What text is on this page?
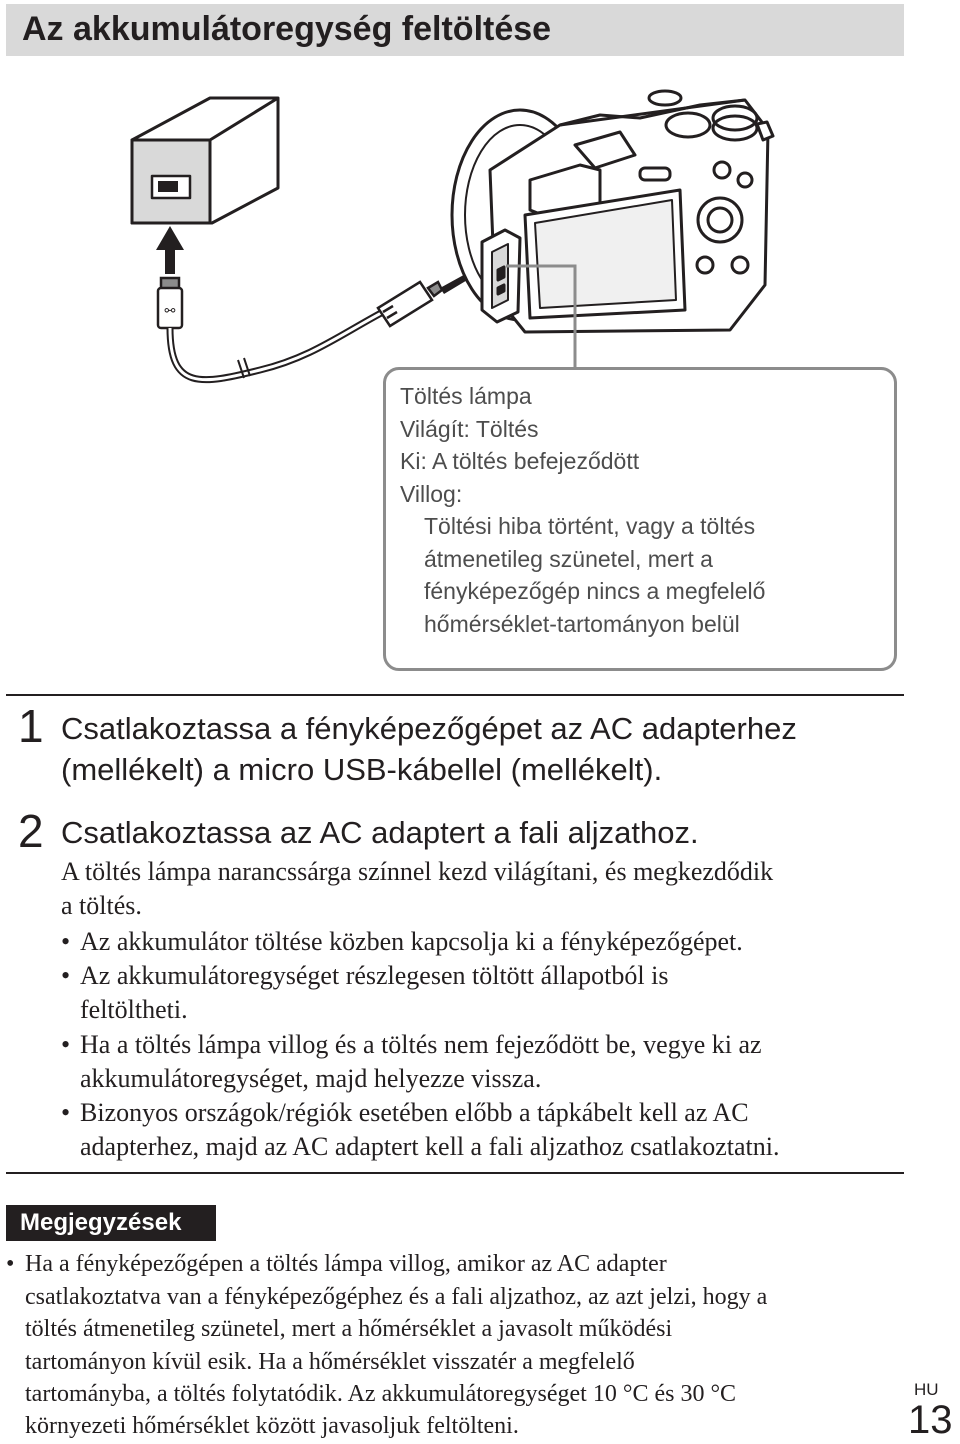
Az akkumulátoregység feltöltése
⚯
Töltés lámpa
Világít: Töltés
Ki: A töltés befejeződött
Villog:
Töltési hiba történt, vagy a töltés
átmenetileg szünetel, mert a
fényképezőgép nincs a megfelelő
hőmérséklet-tartományon belül
1 Csatlakoztassa a fényképezőgépet az AC adapterhez
(mellékelt) a micro USB-kábellel (mellékelt).
2 Csatlakoztassa az AC adaptert a fali aljzathoz.
A töltés lámpa narancssárga színnel kezd világítani, és megkezdődik
a töltés.
• Az akkumulátor töltése közben kapcsolja ki a fényképezőgépet.
• Az akkumulátoregységet részlegesen töltött állapotból is
feltöltheti.
• Ha a töltés lámpa villog és a töltés nem fejeződött be, vegye ki az
akkumulátoregységet, majd helyezze vissza.
• Bizonyos országok/régiók esetében előbb a tápkábelt kell az AC
adapterhez, majd az AC adaptert kell a fali aljzathoz csatlakoztatni.
Megjegyzések
• Ha a fényképezőgépen a töltés lámpa villog, amikor az AC adapter
csatlakoztatva van a fényképezőgéphez és a fali aljzathoz, az azt jelzi, hogy a
töltés átmenetileg szünetel, mert a hőmérséklet a javasolt működési
tartományon kívül esik. Ha a hőmérséklet visszatér a megfelelő
tartományba, a töltés folytatódik. Az akkumulátoregységet 10 °C és 30 °C
környezeti hőmérséklet között javasoljuk feltölteni.
HU
13
